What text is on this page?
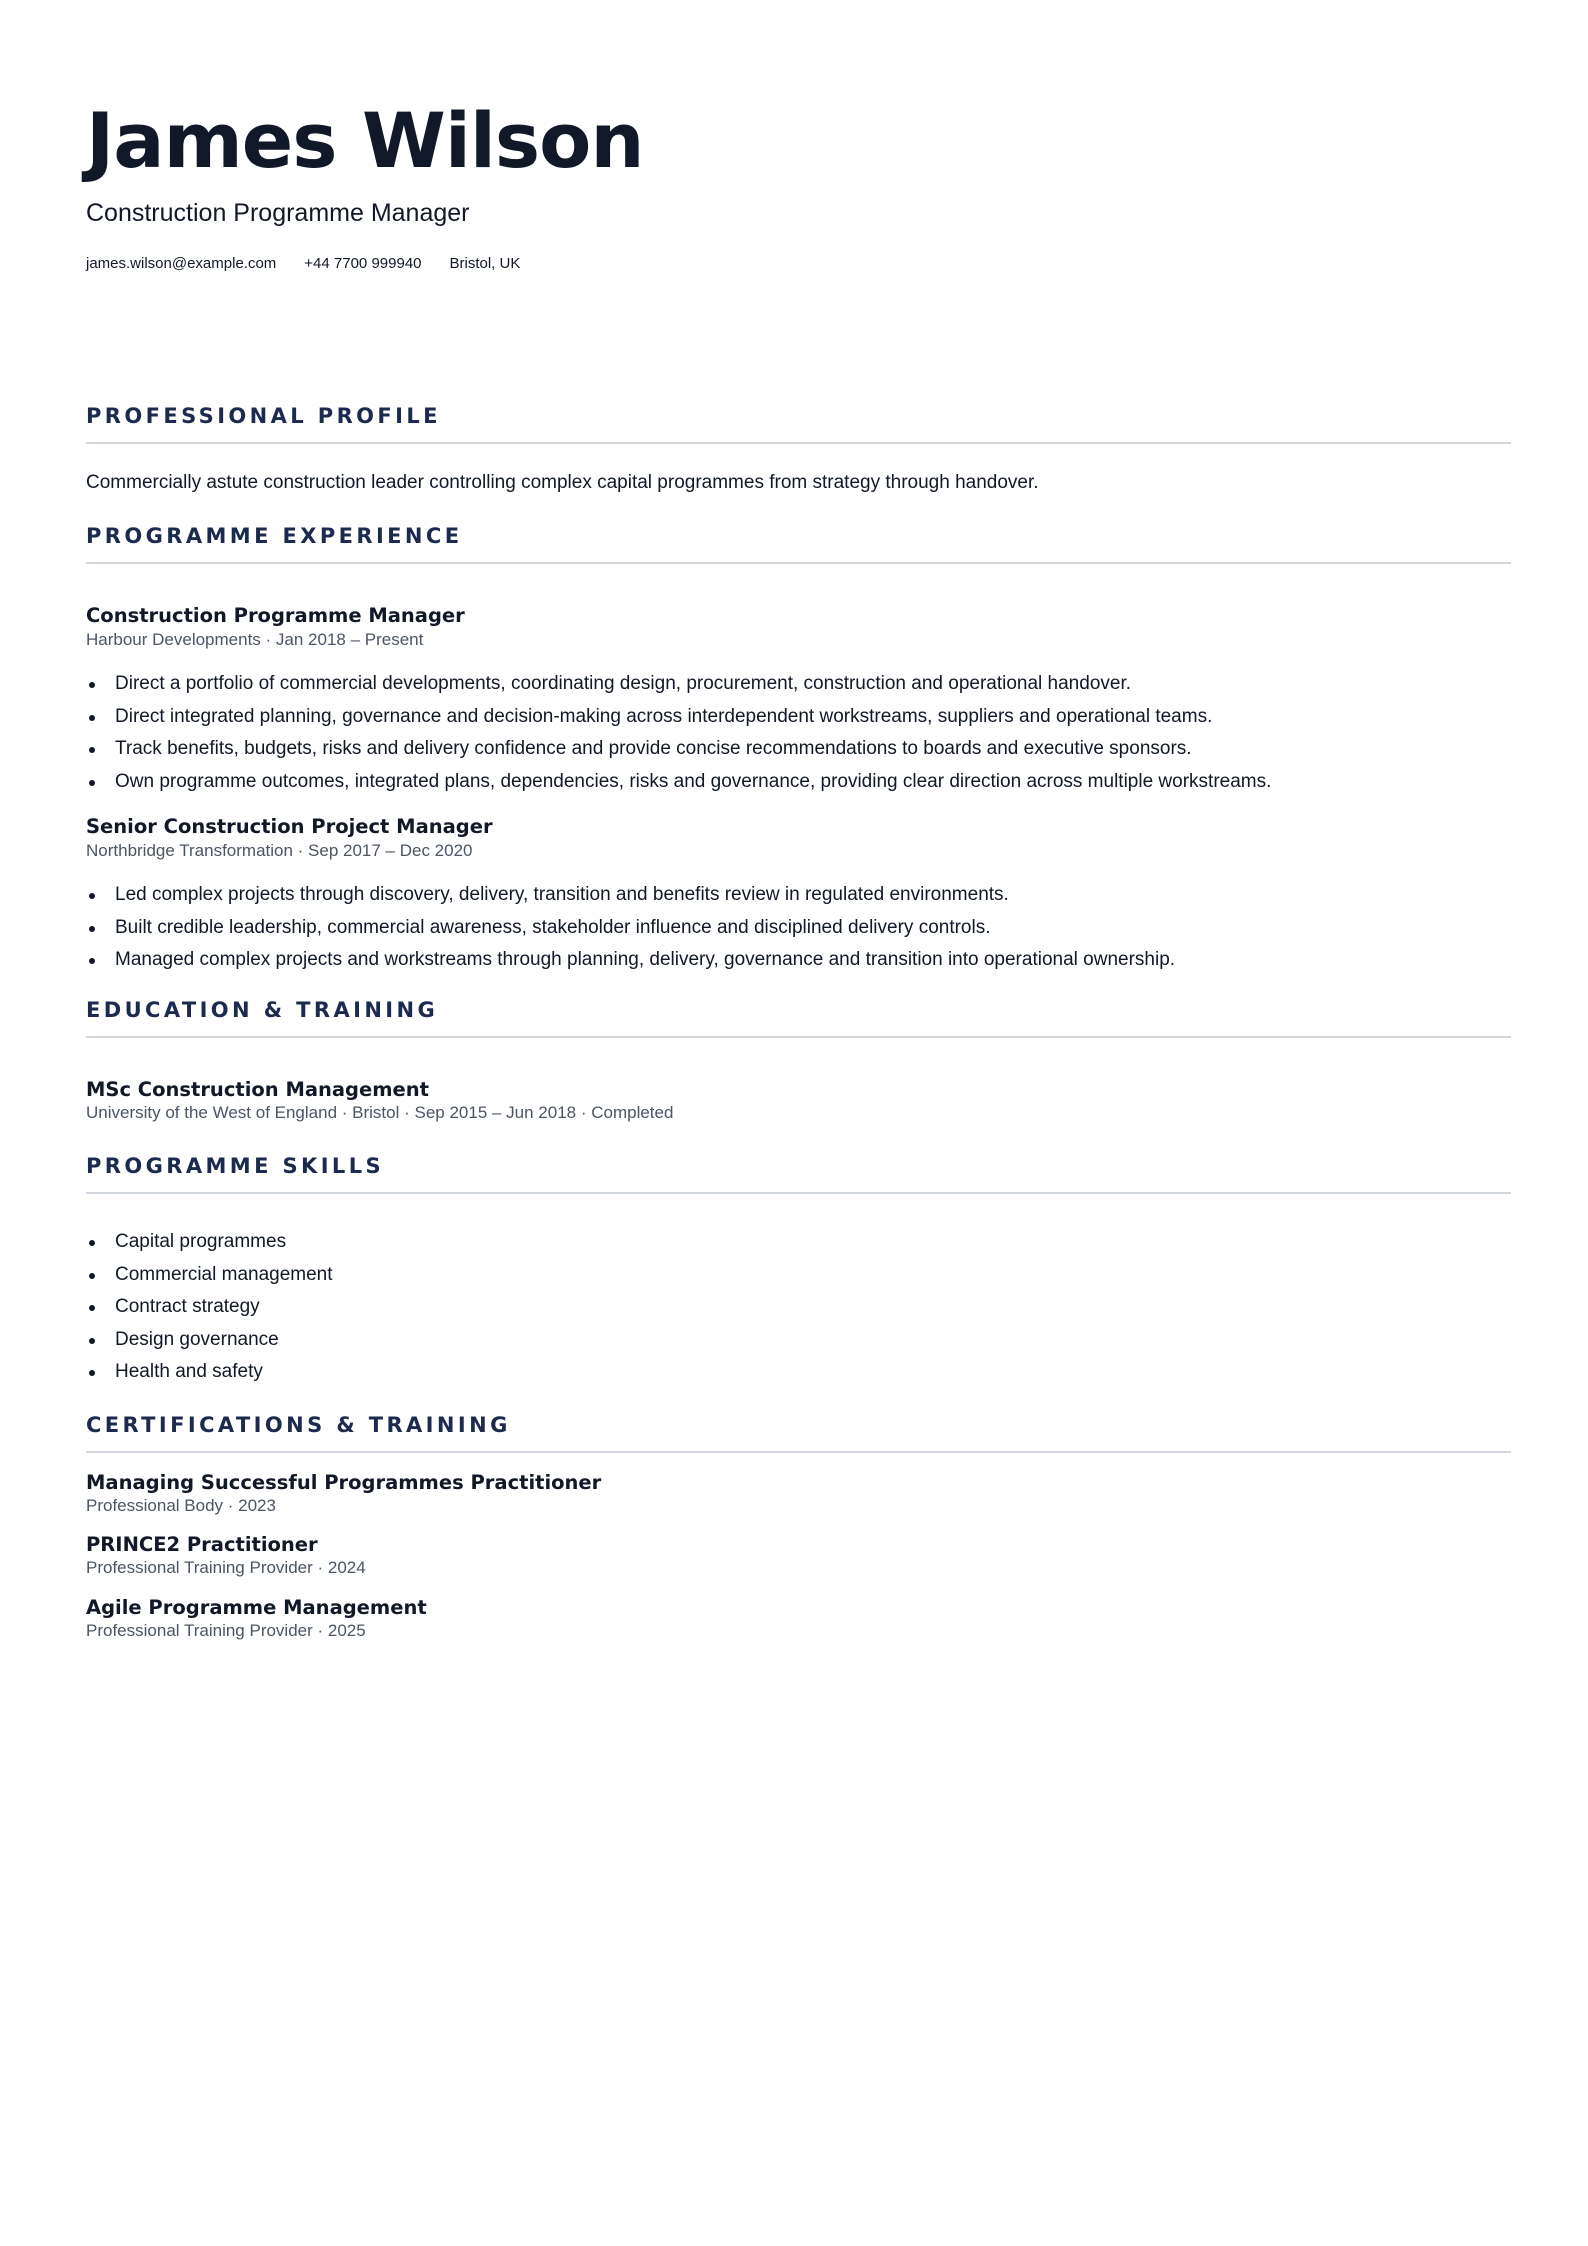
James Wilson
Construction Programme Manager
james.wilson@example.com +44 7700 999940 Bristol, UK
PROFESSIONAL PROFILE
Commercially astute construction leader controlling complex capital programmes from strategy through handover.
PROGRAMME EXPERIENCE
Construction Programme Manager
Harbour Developments · Jan 2018 – Present
Direct a portfolio of commercial developments, coordinating design, procurement, construction and operational handover.
Direct integrated planning, governance and decision-making across interdependent workstreams, suppliers and operational teams.
Track benefits, budgets, risks and delivery confidence and provide concise recommendations to boards and executive sponsors.
Own programme outcomes, integrated plans, dependencies, risks and governance, providing clear direction across multiple workstreams.
Senior Construction Project Manager
Northbridge Transformation · Sep 2017 – Dec 2020
Led complex projects through discovery, delivery, transition and benefits review in regulated environments.
Built credible leadership, commercial awareness, stakeholder influence and disciplined delivery controls.
Managed complex projects and workstreams through planning, delivery, governance and transition into operational ownership.
EDUCATION & TRAINING
MSc Construction Management
University of the West of England · Bristol · Sep 2015 – Jun 2018 · Completed
PROGRAMME SKILLS
Capital programmes
Commercial management
Contract strategy
Design governance
Health and safety
CERTIFICATIONS & TRAINING
Managing Successful Programmes Practitioner
Professional Body · 2023
PRINCE2 Practitioner
Professional Training Provider · 2024
Agile Programme Management
Professional Training Provider · 2025
